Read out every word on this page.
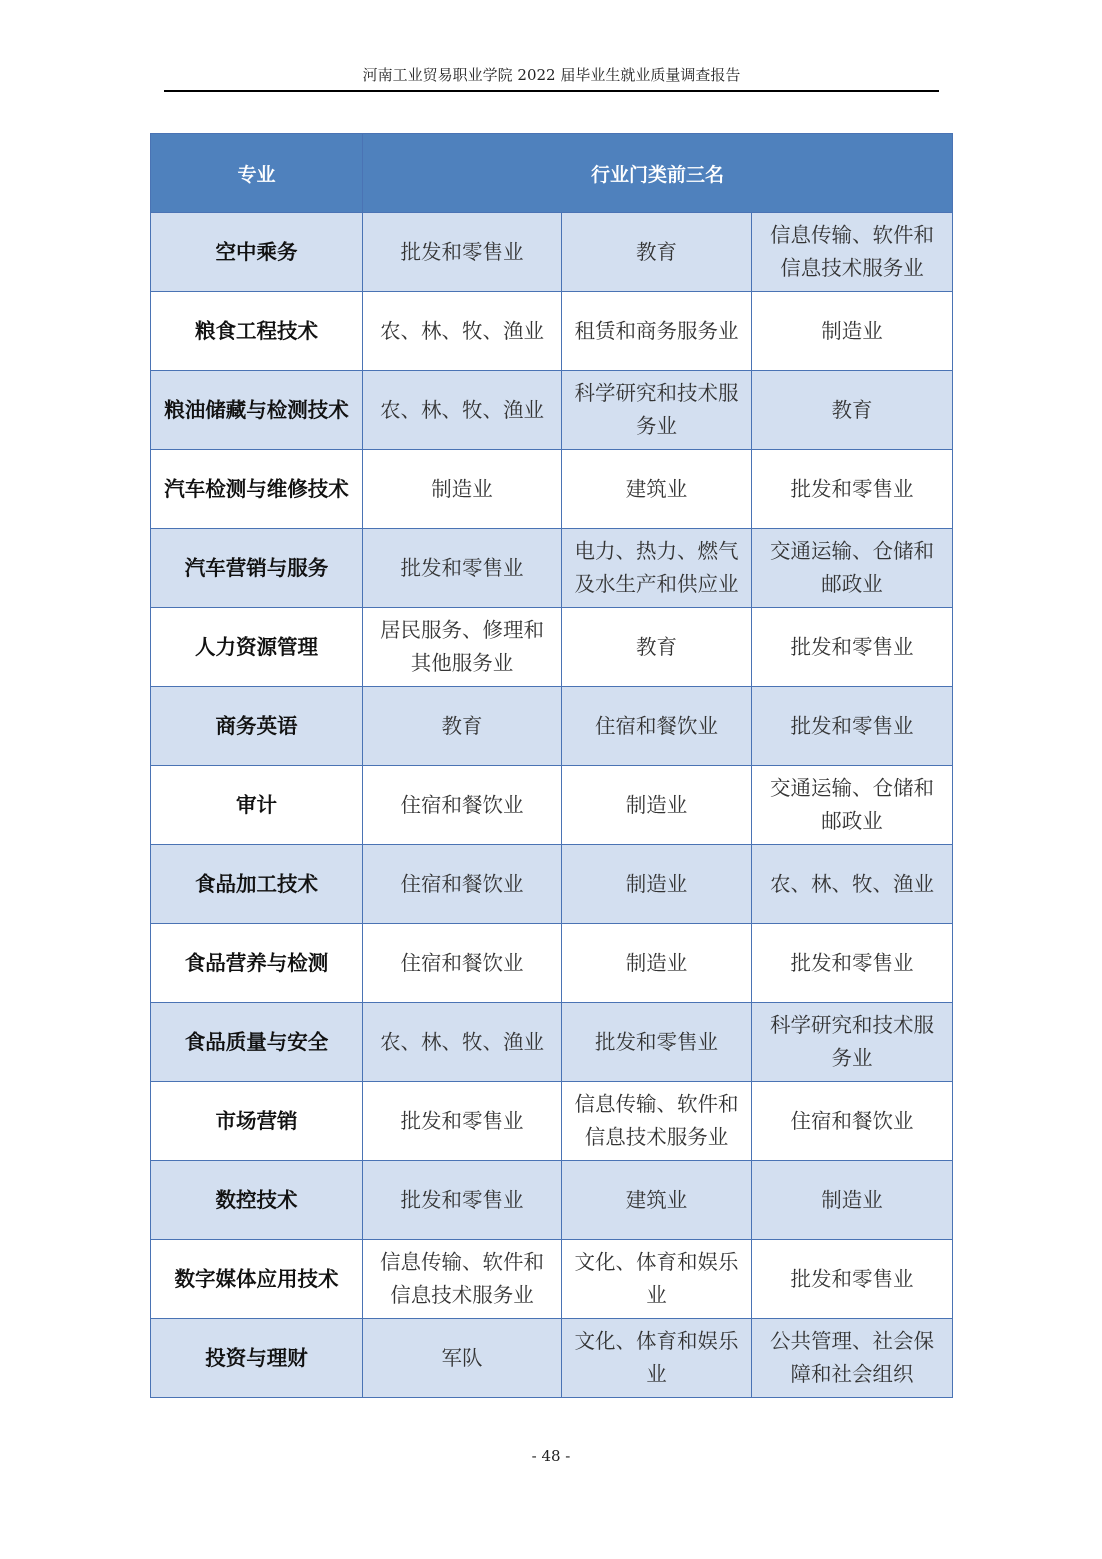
河南工业贸易职业学院 2022 届毕业生就业质量调查报告
专业	行业门类前三名		
空中乘务	批发和零售业	教育	信息传输、软件和信息技术服务业

粮食工程技术	农、林、牧、渔业	租赁和商务服务业	制造业

粮油储藏与检测技术	农、林、牧、渔业	科学研究和技术服务业	教育

汽车检测与维修技术	制造业	建筑业	批发和零售业

汽车营销与服务	批发和零售业	电力、热力、燃气及水生产和供应业	交通运输、仓储和邮政业

人力资源管理	居民服务、修理和其他服务业	教育	批发和零售业

商务英语	教育	住宿和餐饮业	批发和零售业

审计	住宿和餐饮业	制造业	交通运输、仓储和邮政业

食品加工技术	住宿和餐饮业	制造业	农、林、牧、渔业

食品营养与检测	住宿和餐饮业	制造业	批发和零售业

食品质量与安全	农、林、牧、渔业	批发和零售业	科学研究和技术服务业

市场营销	批发和零售业	信息传输、软件和信息技术服务业	住宿和餐饮业

数控技术	批发和零售业	建筑业	制造业

数字媒体应用技术	信息传输、软件和信息技术服务业	文化、体育和娱乐业	批发和零售业

投资与理财	军队	文化、体育和娱乐业	公共管理、社会保障和社会组织
- 48 -
